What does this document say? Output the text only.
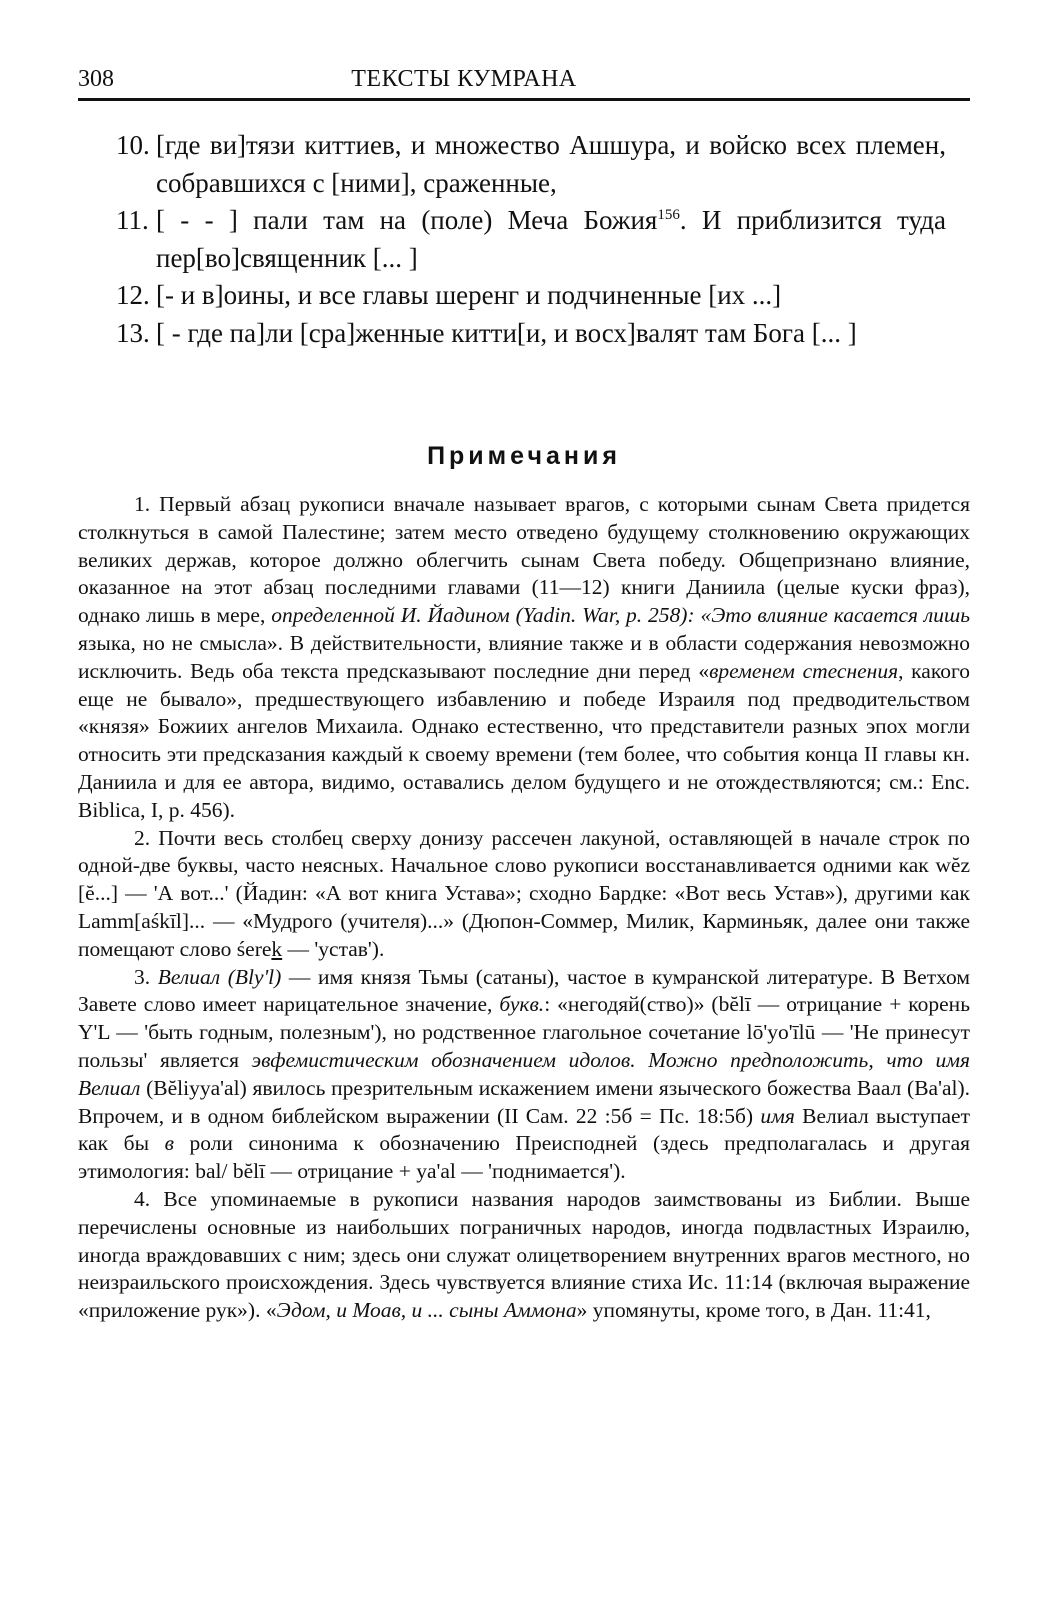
308	ТЕКСТЫ КУМРАНА
10. [где ви]тязи киттиев, и множество Ашшура, и войско всех племен, собравшихся с [ними], сраженные,
11. [ - - ] пали там на (поле) Меча Божия$^{156}$. И приблизится туда пер[во]священник [... ]
12. [- и в]оины, и все главы шеренг и подчиненные [их ...]
13. [ - где па]ли [сра]женные китти[и, и восх]валят там Бога [... ]
Примечания

1. Первый абзац рукописи вначале называет врагов, с которыми сынам Света придется столкнуться в самой Палестине; затем место отведено будущему столкновению окружающих великих держав, которое должно облегчить сынам Света победу. Общепризнано влияние, оказанное на этот абзац последними главами (11—12) книги Даниила (целые куски фраз), однако лишь в мере, определенной И. Йадином (Yadin. War, p. 258): «Это влияние касается лишь языка, но не смысла». В действительности, влияние также и в области содержания невозможно исключить. Ведь оба текста предсказывают последние дни перед «временем стеснения, какого еще не бывало», предшествующего избавлению и победе Израиля под предводительством «князя» Божиих ангелов Михаила. Однако естественно, что представители разных эпох могли относить эти предсказания каждый к своему времени (тем более, что события конца II главы кн. Даниила и для ее автора, видимо, оставались делом будущего и не отождествляются; см.: Enc. Biblica, I, p. 456).

2. Почти весь столбец сверху донизу рассечен лакуной, оставляющей в начале строк по одной-две буквы, часто неясных. Начальное слово рукописи восстанавливается одними как wĕz [ĕ...] — 'А вот...' (Йадин: «А вот книга Устава»; сходно Бардке: «Вот весь Устав»), другими как Lamm[aśkīl]... — «Мудрого (учителя)...» (Дюпон-Соммер, Милик, Карминьяк, далее они также помещают слово śerek — 'устав').

3. Велиал (Bly'l) — имя князя Тьмы (сатаны), частое в кумранской литературе. В Ветхом Завете слово имеет нарицательное значение, букв.: «негодяй(ство)» (bĕlī — отрицание + корень Y'L — 'быть годным, полезным'), но родственное глагольное сочетание lō'yo'īlū — 'Не принесут пользы' является эвфемистическим обозначением идолов. Можно предположить, что имя Велиал (Bĕliyya'al) явилось презрительным искажением имени языческого божества Ваал (Ba'al). Впрочем, и в одном библейском выражении (II Сам. 22 :5б = Пс. 18:5б) имя Велиал выступает как бы в роли синонима к обозначению Преисподней (здесь предполагалась и другая этимология: bal/ bĕlī — отрицание + ya'al — 'поднимается').

4. Все упоминаемые в рукописи названия народов заимствованы из Библии. Выше перечислены основные из наибольших пограничных народов, иногда подвластных Израилю, иногда враждовавших с ним; здесь они служат олицетворением внутренних врагов местного, но неизраильского происхождения. Здесь чувствуется влияние стиха Ис. 11:14 (включая выражение «приложение рук»). «Эдом, и Моав, и ... сыны Аммона» упомянуты, кроме того, в Дан. 11:41,
